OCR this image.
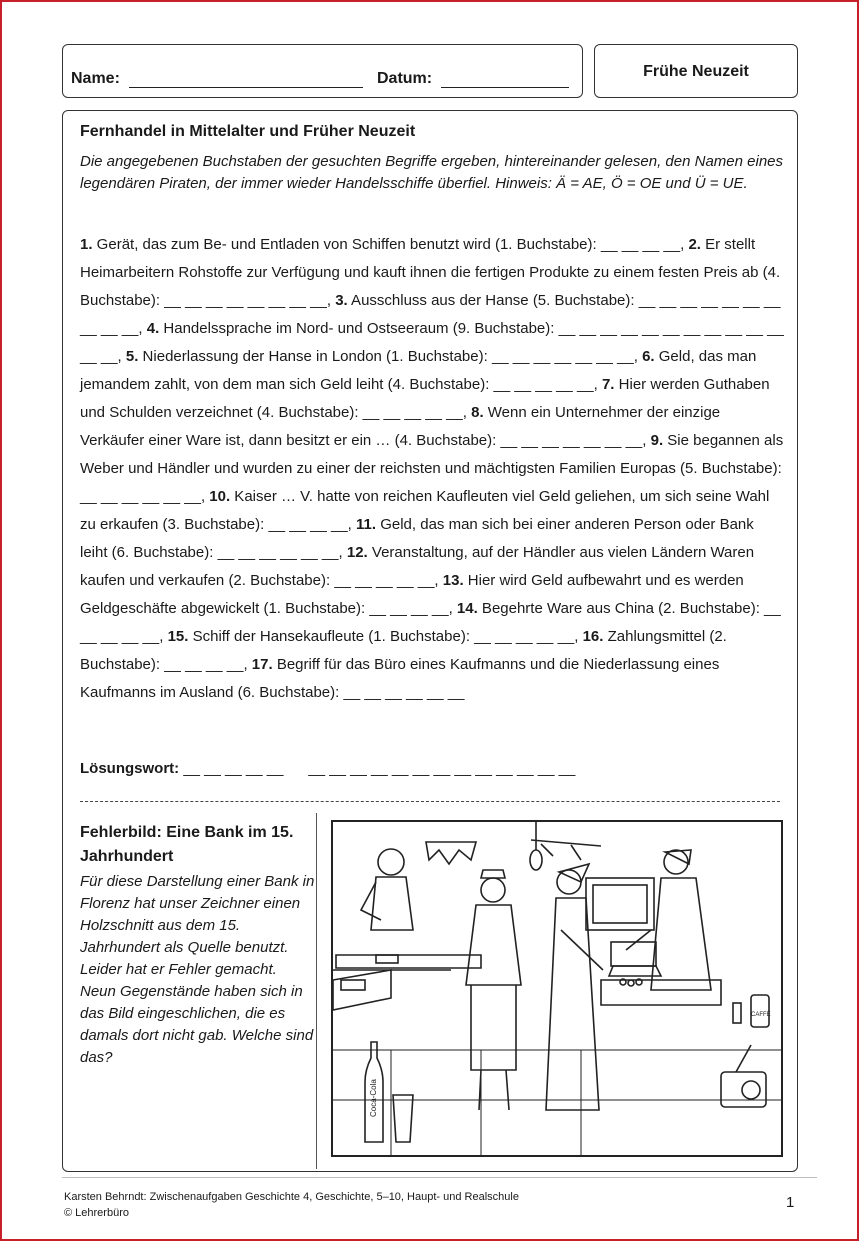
Name:	Datum:	Frühe Neuzeit
Fernhandel in Mittelalter und Früher Neuzeit
Die angegebenen Buchstaben der gesuchten Begriffe ergeben, hintereinander gelesen, den Namen eines legendären Piraten, der immer wieder Handelsschiffe überfiel. Hinweis: Ä = AE, Ö = OE und Ü = UE.
1. Gerät, das zum Be- und Entladen von Schiffen benutzt wird (1. Buchstabe): __ __ __ __, 2. Er stellt Heimarbeitern Rohstoffe zur Verfügung und kauft ihnen die fertigen Produkte zu einem festen Preis ab (4. Buchstabe): __ __ __ __ __ __ __ __, 3. Ausschluss aus der Hanse (5. Buchstabe): __ __ __ __ __ __ __ __ __ __, 4. Handelssprache im Nord- und Ostseeraum (9. Buchstabe): __ __ __ __ __ __ __ __ __ __ __ __ __, 5. Niederlassung der Hanse in London (1. Buchstabe): __ __ __ __ __ __ __, 6. Geld, das man jemandem zahlt, von dem man sich Geld leiht (4. Buchstabe): __ __ __ __ __, 7. Hier werden Guthaben und Schulden verzeichnet (4. Buchstabe): __ __ __ __ __, 8. Wenn ein Unternehmer der einzige Verkäufer einer Ware ist, dann besitzt er ein … (4. Buchstabe): __ __ __ __ __ __ __, 9. Sie begannen als Weber und Händler und wurden zu einer der reichsten und mächtigsten Familien Europas (5. Buchstabe): __ __ __ __ __ __, 10. Kaiser … V. hatte von reichen Kaufleuten viel Geld geliehen, um sich seine Wahl zu erkaufen (3. Buchstabe): __ __ __ __, 11. Geld, das man sich bei einer anderen Person oder Bank leiht (6. Buchstabe): __ __ __ __ __ __, 12. Veranstaltung, auf der Händler aus vielen Ländern Waren kaufen und verkaufen (2. Buchstabe): __ __ __ __ __, 13. Hier wird Geld aufbewahrt und es werden Geldgeschäfte abgewickelt (1. Buchstabe): __ __ __ __, 14. Begehrte Ware aus China (2. Buchstabe): __ __ __ __ __, 15. Schiff der Hansekaufleute (1. Buchstabe): __ __ __ __ __, 16. Zahlungsmittel (2. Buchstabe): __ __ __ __, 17. Begriff für das Büro eines Kaufmanns und die Niederlassung eines Kaufmanns im Ausland (6. Buchstabe): __ __ __ __ __ __
Lösungswort: __ __ __ __ __      __ __ __ __ __ __ __ __ __ __ __ __ __
Fehlerbild: Eine Bank im 15. Jahrhundert
Für diese Darstellung einer Bank in Florenz hat unser Zeichner einen Holzschnitt aus dem 15. Jahrhundert als Quelle benutzt. Leider hat er Fehler gemacht. Neun Gegenstände haben sich in das Bild eingeschlichen, die es damals dort nicht gab. Welche sind das?
Coca-Cola
CAFFÈ
Karsten Behrndt: Zwischenaufgaben Geschichte 4, Geschichte, 5–10, Haupt- und Realschule
© Lehrerbüro
1
